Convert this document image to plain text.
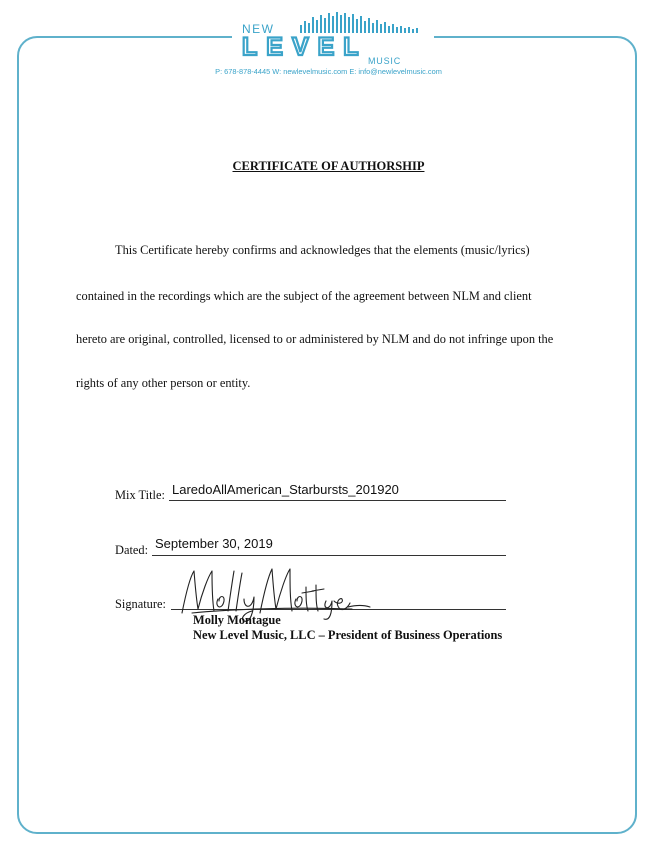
NEW
LEVEL MUSIC
P: 678-878-4445 W: newlevelmusic.com E: info@newlevelmusic.com
CERTIFICATE OF AUTHORSHIP
This Certificate hereby confirms and acknowledges that the elements (music/lyrics)
contained in the recordings which are the subject of the agreement between NLM and client
hereto are original, controlled, licensed to or administered by NLM and do not infringe upon the
rights of any other person or entity.
Mix Title: LaredoAllAmerican_Starbursts_201920
Dated: September 30, 2019
Signature:
Molly Montague
New Level Music, LLC – President of Business Operations
